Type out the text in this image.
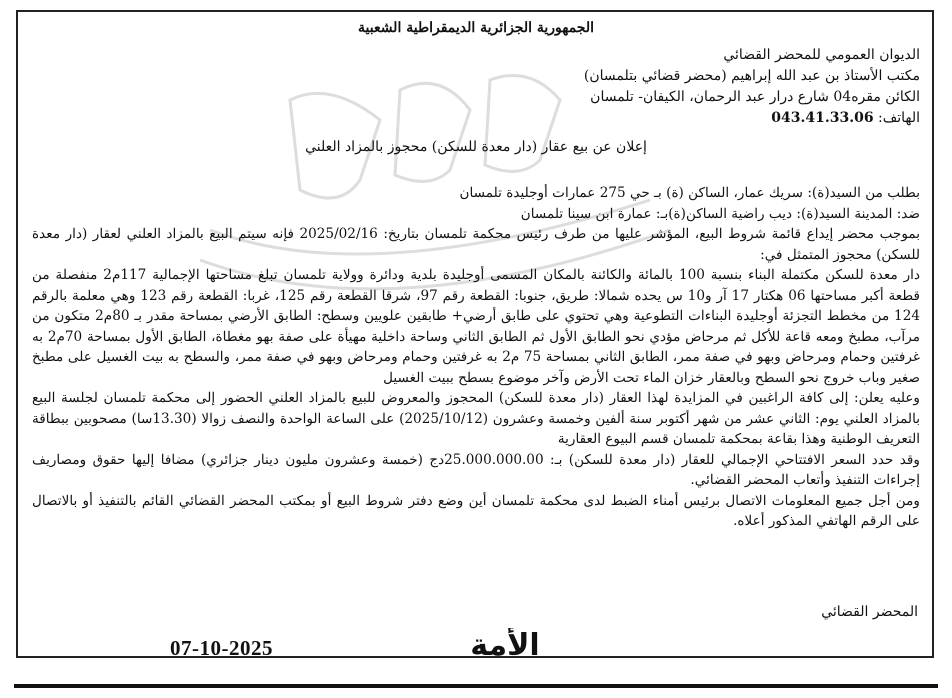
الجمهورية الجزائرية الديمقراطية الشعبية
الديوان العمومي للمحضر القضائي
مكتب الأستاذ بن عبد الله إبراهيم (محضر قضائي بتلمسان)
الكائن مقره04 شارع درار عبد الرحمان، الكيفان- تلمسان
الهاتف: 043.41.33.06
إعلان عن بيع عقار (دار معدة للسكن) محجوز بالمزاد العلني

بطلب من السيد(ة): سريك عمار، الساكن (ة) بـ حي 275 عمارات أوجليدة تلمسان

ضد: المدينة السيد(ة): ديب راضية الساكن(ة)بـ: عمارة ابن سينا تلمسان

بموجب محضر إيداع قائمة شروط البيع، المؤشر عليها من طرف رئيس محكمة تلمسان بتاريخ: 2025/02/16 فإنه سيتم البيع بالمزاد العلني لعقار (دار معدة للسكن) محجوز المتمثل في:

دار معدة للسكن مكتملة البناء بنسبة 100 بالمائة والكائنة بالمكان المسمى أوجليدة بلدية ودائرة وولاية تلمسان تبلغ مساحتها الإجمالية 117م2 منفصلة من قطعة أكبر مساحتها 06 هكتار 17 آر و10 س يحده شمالا: طريق، جنوبا: القطعة رقم 97، شرقا القطعة رقم 125، غربا: القطعة رقم 123 وهي معلمة بالرقم 124 من مخطط التجزئة أوجليدة البناءات التطوعية وهي تحتوي على طابق أرضي+ طابقين علويين وسطح: الطابق الأرضي بمساحة مقدر بـ 80م2 متكون من مرآب، مطبخ ومعه قاعة للأكل ثم مرحاض مؤدي نحو الطابق الأول ثم الطابق الثاني وساحة داخلية مهيأة على صفة بهو مغطاة، الطابق الأول بمساحة 70م2 به غرفتين وحمام ومرحاض وبهو في صفة ممر، الطابق الثاني بمساحة 75 م2 به غرفتين وحمام ومرحاض وبهو في صفة ممر، والسطح به بيت الغسيل على مطبخ صغير وباب خروج نحو السطح وبالعقار خزان الماء تحت الأرض وآخر موضوع بسطح ببيت الغسيل

وعليه يعلن: إلى كافة الراغبين في المزايدة لهذا العقار (دار معدة للسكن) المحجوز والمعروض للبيع بالمزاد العلني الحضور إلى محكمة تلمسان لجلسة البيع بالمزاد العلني يوم: الثاني عشر من شهر أكتوبر سنة ألفين وخمسة وعشرون (2025/10/12) على الساعة الواحدة والنصف زوالا (13.30سا) مصحوبين ببطاقة التعريف الوطنية وهذا بقاعة بمحكمة تلمسان قسم البيوع العقارية

وقد حدد السعر الافتتاحي الإجمالي للعقار (دار معدة للسكن) بـ: 25.000.000.00دج (خمسة وعشرون مليون دينار جزائري) مضافا إليها حقوق ومصاريف إجراءات التنفيذ وأتعاب المحضر القضائي.

ومن أجل جميع المعلومات الاتصال برئيس أمناء الضبط لدى محكمة تلمسان أين وضع دفتر شروط البيع أو بمكتب المحضر القضائي القائم بالتنفيذ أو بالاتصال على الرقم الهاتفي المذكور أعلاه.

المحضر القضائي
الأمة
07-10-2025
